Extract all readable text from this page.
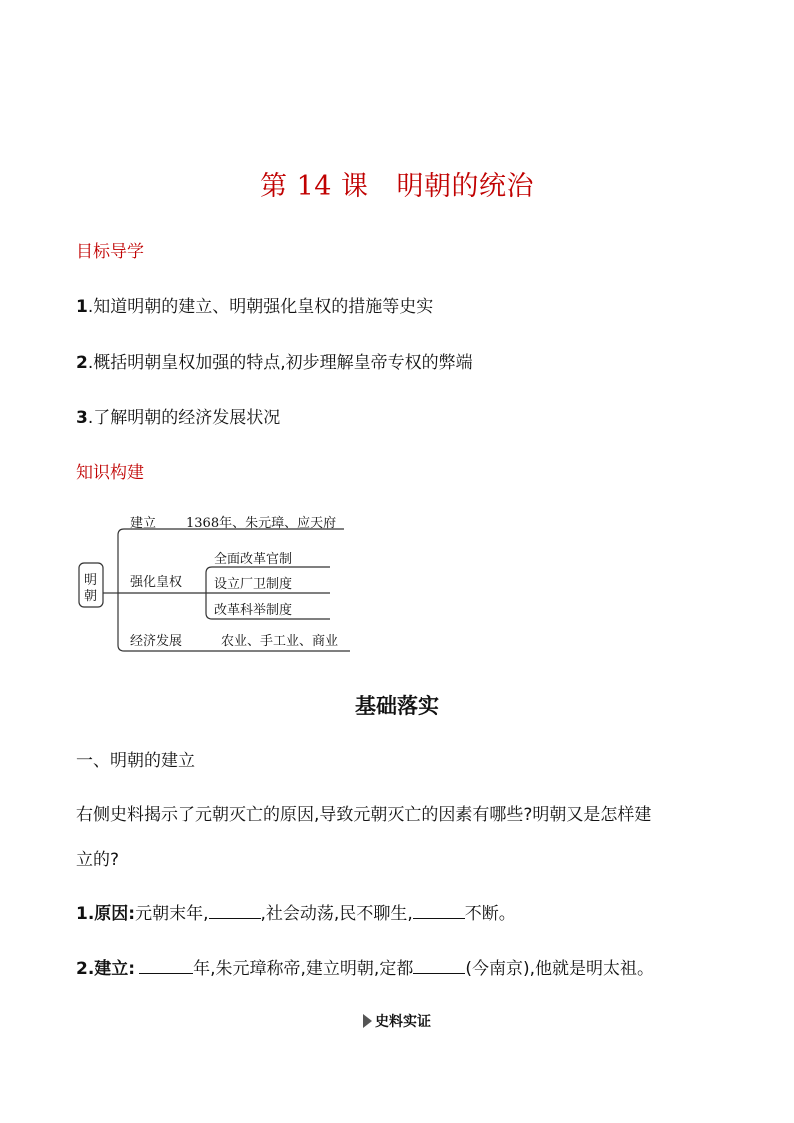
第 14 课 明朝的统治
目标导学
1.知道明朝的建立、明朝强化皇权的措施等史实
2.概括明朝皇权加强的特点,初步理解皇帝专权的弊端
3.了解明朝的经济发展状况
知识构建
明
朝
建立 1368年、朱元璋、应天府
强化皇权
全面改革官制
设立厂卫制度
改革科举制度
经济发展	农业、手工业、商业
基础落实
一、明朝的建立
右侧史料揭示了元朝灭亡的原因,导致元朝灭亡的因素有哪些?明朝又是怎样建
立的?
1.原因:元朝末年,	,社会动荡,民不聊生,	不断。
2.建立:	年,朱元璋称帝,建立明朝,定都	(今南京),他就是明太祖。
史料实证
